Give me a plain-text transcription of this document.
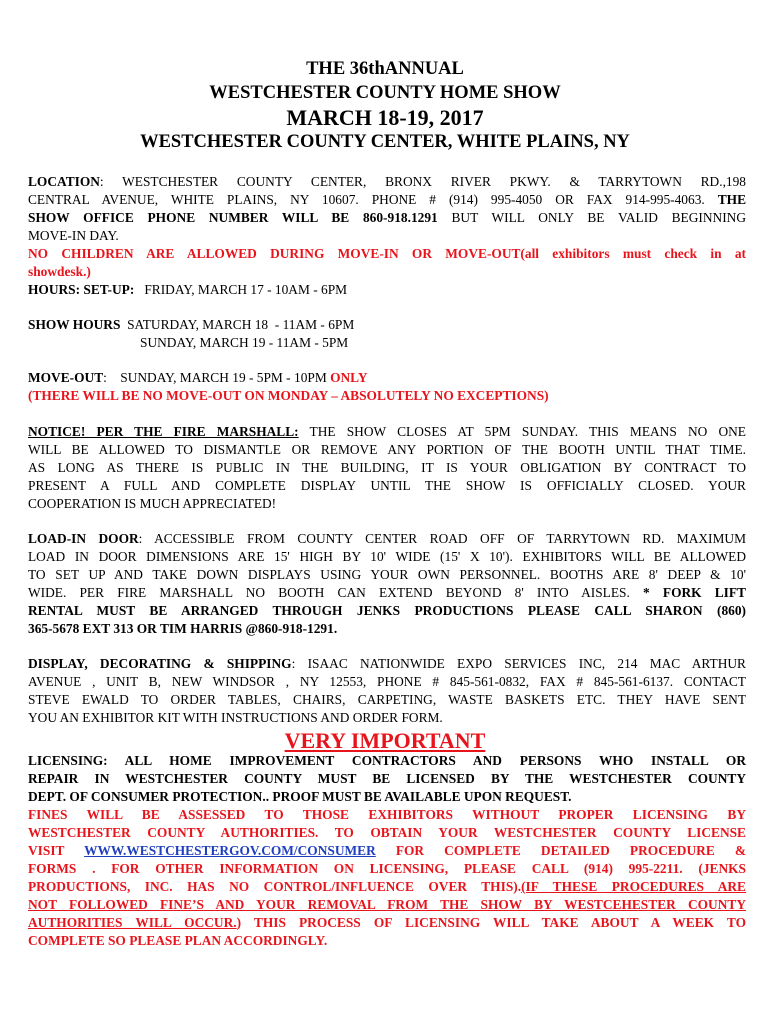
THE 36thANNUAL
WESTCHESTER COUNTY HOME SHOW
MARCH 18-19, 2017
WESTCHESTER COUNTY CENTER, WHITE PLAINS, NY
LOCATION: WESTCHESTER COUNTY CENTER, BRONX RIVER PKWY. & TARRYTOWN RD.,198
CENTRAL AVENUE, WHITE PLAINS, NY 10607. PHONE # (914) 995-4050 OR FAX 914-995-4063. THE
SHOW OFFICE PHONE NUMBER WILL BE 860-918.1291 BUT WILL ONLY BE VALID BEGINNING
MOVE-IN DAY.
NO CHILDREN ARE ALLOWED DURING MOVE-IN OR MOVE-OUT(all exhibitors must check in at
showdesk.)
HOURS: SET-UP:   FRIDAY, MARCH 17 - 10AM - 6PM
SHOW HOURS  SATURDAY, MARCH 18  - 11AM - 6PM
SUNDAY, MARCH 19 - 11AM - 5PM
MOVE-OUT:    SUNDAY, MARCH 19 - 5PM - 10PM ONLY
(THERE WILL BE NO MOVE-OUT ON MONDAY – ABSOLUTELY NO EXCEPTIONS)
NOTICE! PER THE FIRE MARSHALL: THE SHOW CLOSES AT 5PM SUNDAY. THIS MEANS NO ONE
WILL BE ALLOWED TO DISMANTLE OR REMOVE ANY PORTION OF THE BOOTH UNTIL THAT TIME.
AS LONG AS THERE IS PUBLIC IN THE BUILDING, IT IS YOUR OBLIGATION BY CONTRACT TO
PRESENT A FULL AND COMPLETE DISPLAY UNTIL THE SHOW IS OFFICIALLY CLOSED. YOUR
COOPERATION IS MUCH APPRECIATED!
LOAD-IN DOOR: ACCESSIBLE FROM COUNTY CENTER ROAD OFF OF TARRYTOWN RD. MAXIMUM
LOAD IN DOOR DIMENSIONS ARE 15' HIGH BY 10' WIDE (15' X 10'). EXHIBITORS WILL BE ALLOWED
TO SET UP AND TAKE DOWN DISPLAYS USING YOUR OWN PERSONNEL. BOOTHS ARE 8' DEEP & 10'
WIDE. PER FIRE MARSHALL NO BOOTH CAN EXTEND BEYOND 8' INTO AISLES. * FORK LIFT
RENTAL MUST BE ARRANGED THROUGH JENKS PRODUCTIONS PLEASE CALL SHARON (860)
365-5678 EXT 313 OR TIM HARRIS @860-918-1291.
DISPLAY, DECORATING & SHIPPING: ISAAC NATIONWIDE EXPO SERVICES INC, 214 MAC ARTHUR
AVENUE , UNIT B, NEW WINDSOR , NY 12553, PHONE # 845-561-0832, FAX # 845-561-6137. CONTACT
STEVE EWALD TO ORDER TABLES, CHAIRS, CARPETING, WASTE BASKETS ETC. THEY HAVE SENT
YOU AN EXHIBITOR KIT WITH INSTRUCTIONS AND ORDER FORM.
VERY IMPORTANT
LICENSING: ALL HOME IMPROVEMENT CONTRACTORS AND PERSONS WHO INSTALL OR
REPAIR IN WESTCHESTER COUNTY MUST BE LICENSED BY THE WESTCHESTER COUNTY
DEPT. OF CONSUMER PROTECTION.. PROOF MUST BE AVAILABLE UPON REQUEST.
FINES WILL BE ASSESSED TO THOSE EXHIBITORS WITHOUT PROPER LICENSING BY
WESTCHESTER COUNTY AUTHORITIES. TO OBTAIN YOUR WESTCHESTER COUNTY LICENSE
VISIT WWW.WESTCHESTERGOV.COM/CONSUMER FOR COMPLETE DETAILED PROCEDURE &
FORMS . FOR OTHER INFORMATION ON LICENSING, PLEASE CALL (914) 995-2211. (JENKS
PRODUCTIONS, INC. HAS NO CONTROL/INFLUENCE OVER THIS).(IF THESE PROCEDURES ARE
NOT FOLLOWED FINE’S AND YOUR REMOVAL FROM THE SHOW BY WESTCEHESTER COUNTY
AUTHORITIES WILL OCCUR.) THIS PROCESS OF LICENSING WILL TAKE ABOUT A WEEK TO
COMPLETE SO PLEASE PLAN ACCORDINGLY.
